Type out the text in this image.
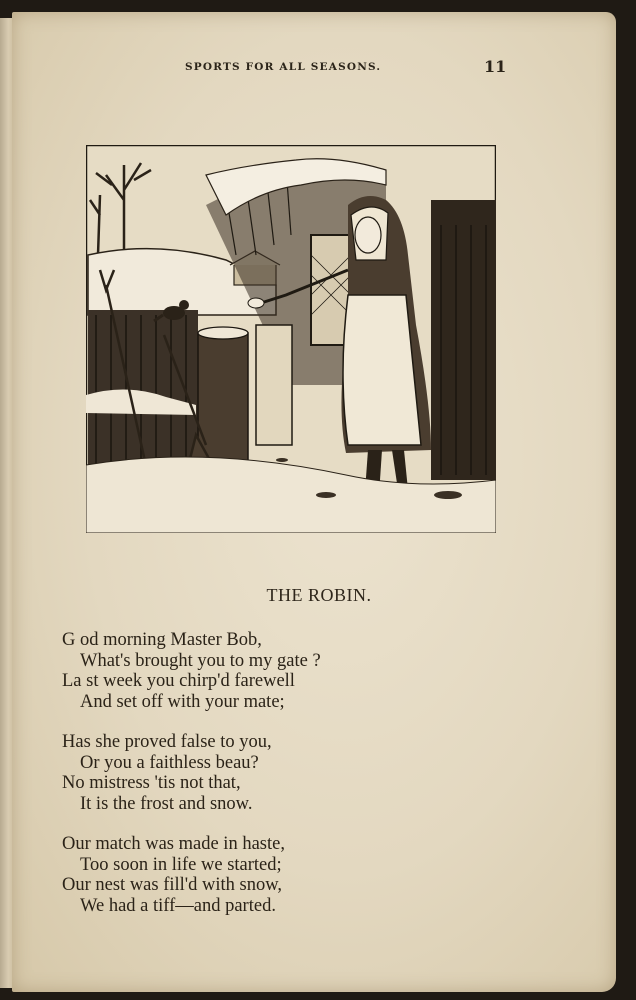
SPORTS FOR ALL SEASONS.	11
THE ROBIN.
G od morning Master Bob,
What's brought you to my gate ?
La st week you chirp'd farewell
And set off with your mate;
Has she proved false to you,
Or you a faithless beau?
No mistress 'tis not that,
It is the frost and snow.
Our match was made in haste,
Too soon in life we started;
Our nest was fill'd with snow,
We had a tiff—and parted.
